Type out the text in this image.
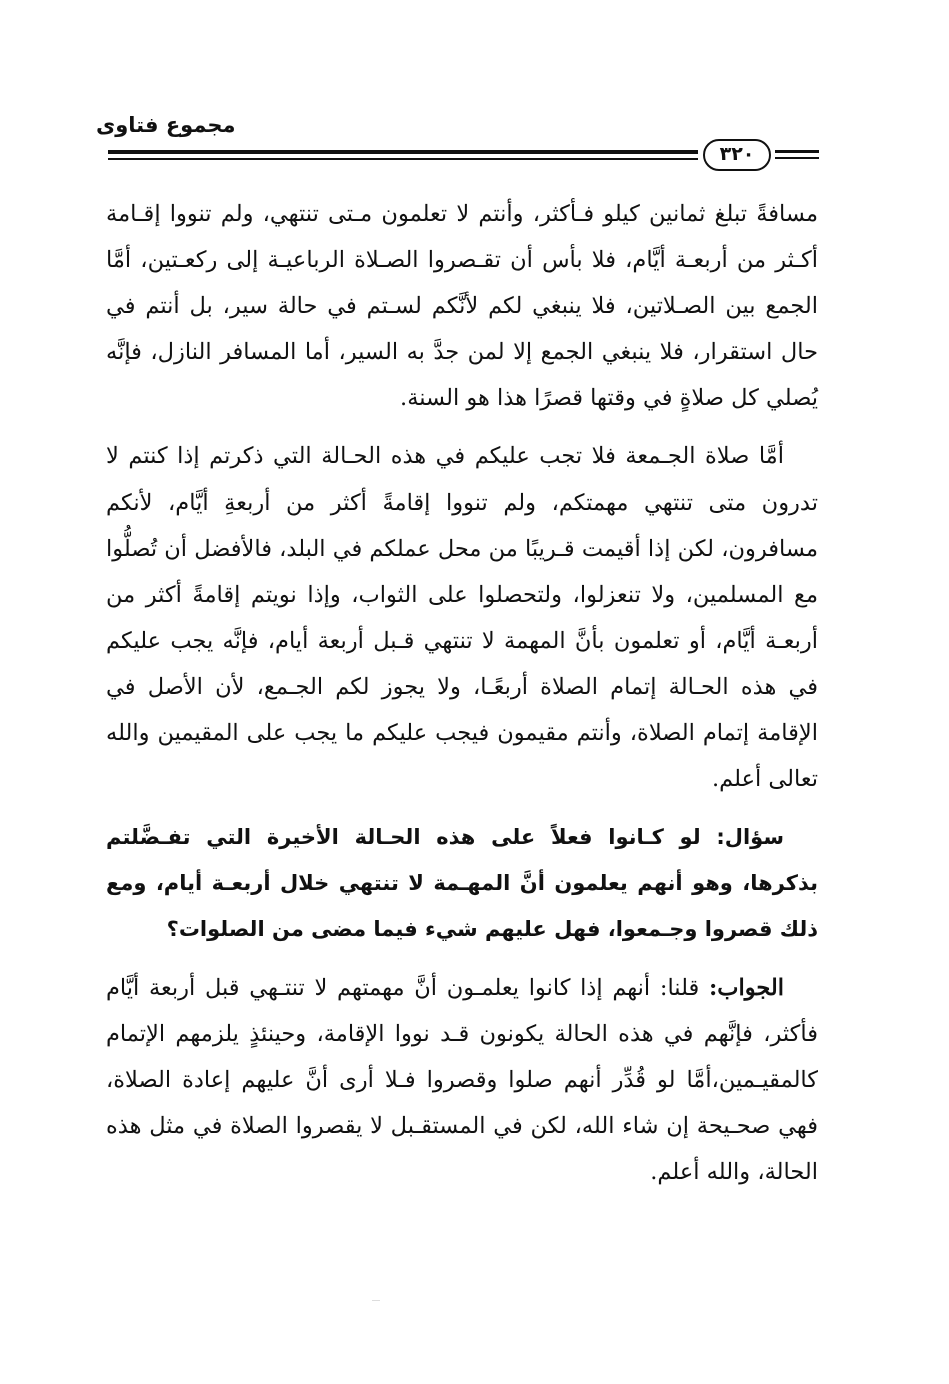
مجموع فتاوى
٣٢٠

مسافةً تبلغ ثمانين كيلو فـأكثر، وأنتم لا تعلمون مـتى تنتهي، ولم تنووا إقـامة أكـثر من أربعـة أيَّام، فلا بأس أن تقـصروا الصـلاة الرباعيـة إلى ركعـتين، أمَّا الجمع بين الصـلاتين، فلا ينبغي لكم لأنَّكم لسـتم في حالة سير، بل أنتم في حال استقرار، فلا ينبغي الجمع إلا لمن جدَّ به السير، أما المسافر النازل، فإنَّه يُصلي كل صلاةٍ في وقتها قصرًا هذا هو السنة.

أمَّا صلاة الجـمعة فلا تجب عليكم في هذه الحـالة التي ذكرتم إذا كنتم لا تدرون متى تنتهي مهمتكم، ولم تنووا إقامةً أكثر من أربعةِ أيَّام، لأنكم مسافرون، لكن إذا أقيمت قـريبًا من محل عملكم في البلد، فالأفضل أن تُصلُّوا مع المسلمين، ولا تنعزلوا، ولتحصلوا على الثواب، وإذا نويتم إقامةً أكثر من أربعـة أيَّام، أو تعلمون بأنَّ المهمة لا تنتهي قـبل أربعة أيام، فإنَّه يجب عليكم في هذه الحـالة إتمام الصلاة أربعًـا، ولا يجوز لكم الجـمع، لأن الأصل في الإقامة إتمام الصلاة، وأنتم مقيمون فيجب عليكم ما يجب على المقيمين والله تعالى أعلم.

سؤال: لو كـانوا فعلاً على هذه الحـالة الأخيرة التي تفـضَّلتم بذكرها، وهو أنهم يعلمون أنَّ المهـمة لا تنتهي خلال أربعـة أيام، ومع ذلك قصروا وجـمعوا، فهل عليهم شيء فيما مضى من الصلوات؟

الجواب: قلنا: أنهم إذا كانوا يعلمـون أنَّ مهمتهم لا تنتـهي قبل أربعة أيَّام فأكثر، فإنَّهم في هذه الحالة يكونون قـد نووا الإقامة، وحينئذٍ يلزمهم الإتمام كالمقيـمين،أمَّا لو قُدِّر أنهم صلوا وقصروا فـلا أرى أنَّ عليهم إعادة الصلاة، فهي صحـيحة إن شاء الله، لكن في المستقـبل لا يقصروا الصلاة في مثل هذه الحالة، والله أعلم.
